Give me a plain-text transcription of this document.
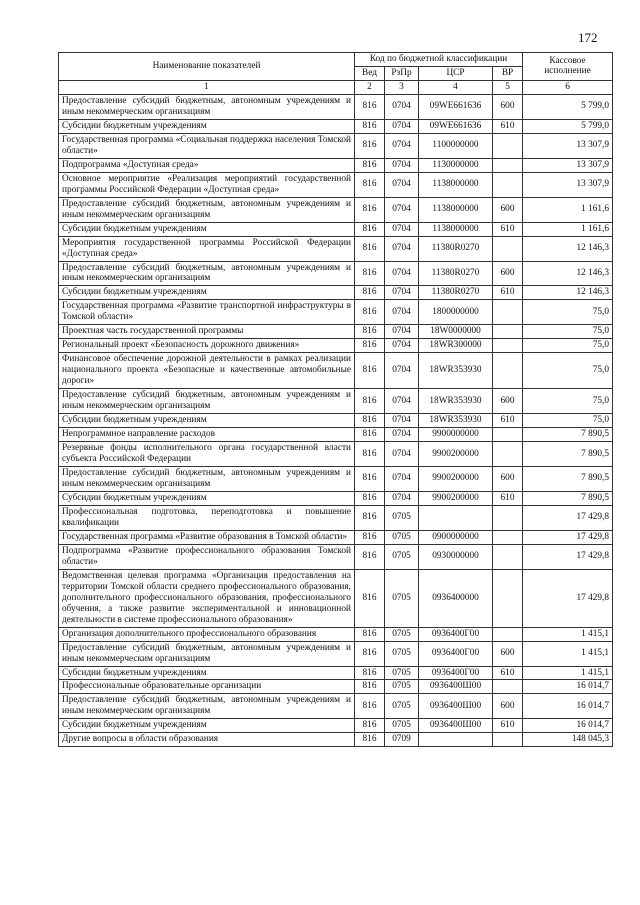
172
Наименование показателей	Код по бюджетной классификации				Кассовое исполнение
	Вед	РзПр	ЦСР	ВР	
1	2	3	4	5	6
Предоставление субсидий бюджетным, автономным учреждениям и иным некоммерческим организациям	816	0704	09WE661636	600	5 799,0
Субсидии бюджетным учреждениям	816	0704	09WE661636	610	5 799,0
Государственная программа «Социальная поддержка населения Томской области»	816	0704	1100000000		13 307,9
Подпрограмма «Доступная среда»	816	0704	1130000000		13 307,9
Основное мероприятие «Реализация мероприятий государственной программы Российской Федерации «Доступная среда»	816	0704	1138000000		13 307,9
Предоставление субсидий бюджетным, автономным учреждениям и иным некоммерческим организациям	816	0704	1138000000	600	1 161,6
Субсидии бюджетным учреждениям	816	0704	1138000000	610	1 161,6
Мероприятия государственной программы Российской Федерации «Доступная среда»	816	0704	11380R0270		12 146,3
Предоставление субсидий бюджетным, автономным учреждениям и иным некоммерческим организациям	816	0704	11380R0270	600	12 146,3
Субсидии бюджетным учреждениям	816	0704	11380R0270	610	12 146,3
Государственная программа «Развитие транспортной инфраструктуры в Томской области»	816	0704	1800000000		75,0
Проектная часть государственной программы	816	0704	18W0000000		75,0
Региональный проект «Безопасность дорожного движения»	816	0704	18WR300000		75,0
Финансовое обеспечение дорожной деятельности в рамках реализации национального проекта «Безопасные и качественные автомобильные дороги»	816	0704	18WR353930		75,0
Предоставление субсидий бюджетным, автономным учреждениям и иным некоммерческим организациям	816	0704	18WR353930	600	75,0
Субсидии бюджетным учреждениям	816	0704	18WR353930	610	75,0
Непрограммное направление расходов	816	0704	9900000000		7 890,5
Резервные фонды исполнительного органа государственной власти субъекта Российской Федерации	816	0704	9900200000		7 890,5
Предоставление субсидий бюджетным, автономным учреждениям и иным некоммерческим организациям	816	0704	9900200000	600	7 890,5
Субсидии бюджетным учреждениям	816	0704	9900200000	610	7 890,5
Профессиональная подготовка, переподготовка и повышение квалификации	816	0705			17 429,8
Государственная программа «Развитие образования в Томской области»	816	0705	0900000000		17 429,8
Подпрограмма «Развитие профессионального образования Томской области»	816	0705	0930000000		17 429,8
Ведомственная целевая программа «Организация предоставления на территории Томской области среднего профессионального образования, дополнительного профессионального образования, профессионального обучения, а также развитие экспериментальной и инновационной деятельности в системе профессионального образования»	816	0705	0936400000		17 429,8
Организация дополнительного профессионального образования	816	0705	0936400Г00		1 415,1
Предоставление субсидий бюджетным, автономным учреждениям и иным некоммерческим организациям	816	0705	0936400Г00	600	1 415,1
Субсидии бюджетным учреждениям	816	0705	0936400Г00	610	1 415,1
Профессиональные образовательные организации	816	0705	0936400Ш00		16 014,7
Предоставление субсидий бюджетным, автономным учреждениям и иным некоммерческим организациям	816	0705	0936400Ш00	600	16 014,7
Субсидии бюджетным учреждениям	816	0705	0936400Ш00	610	16 014,7
Другие вопросы в области образования	816	0709			148 045,3
